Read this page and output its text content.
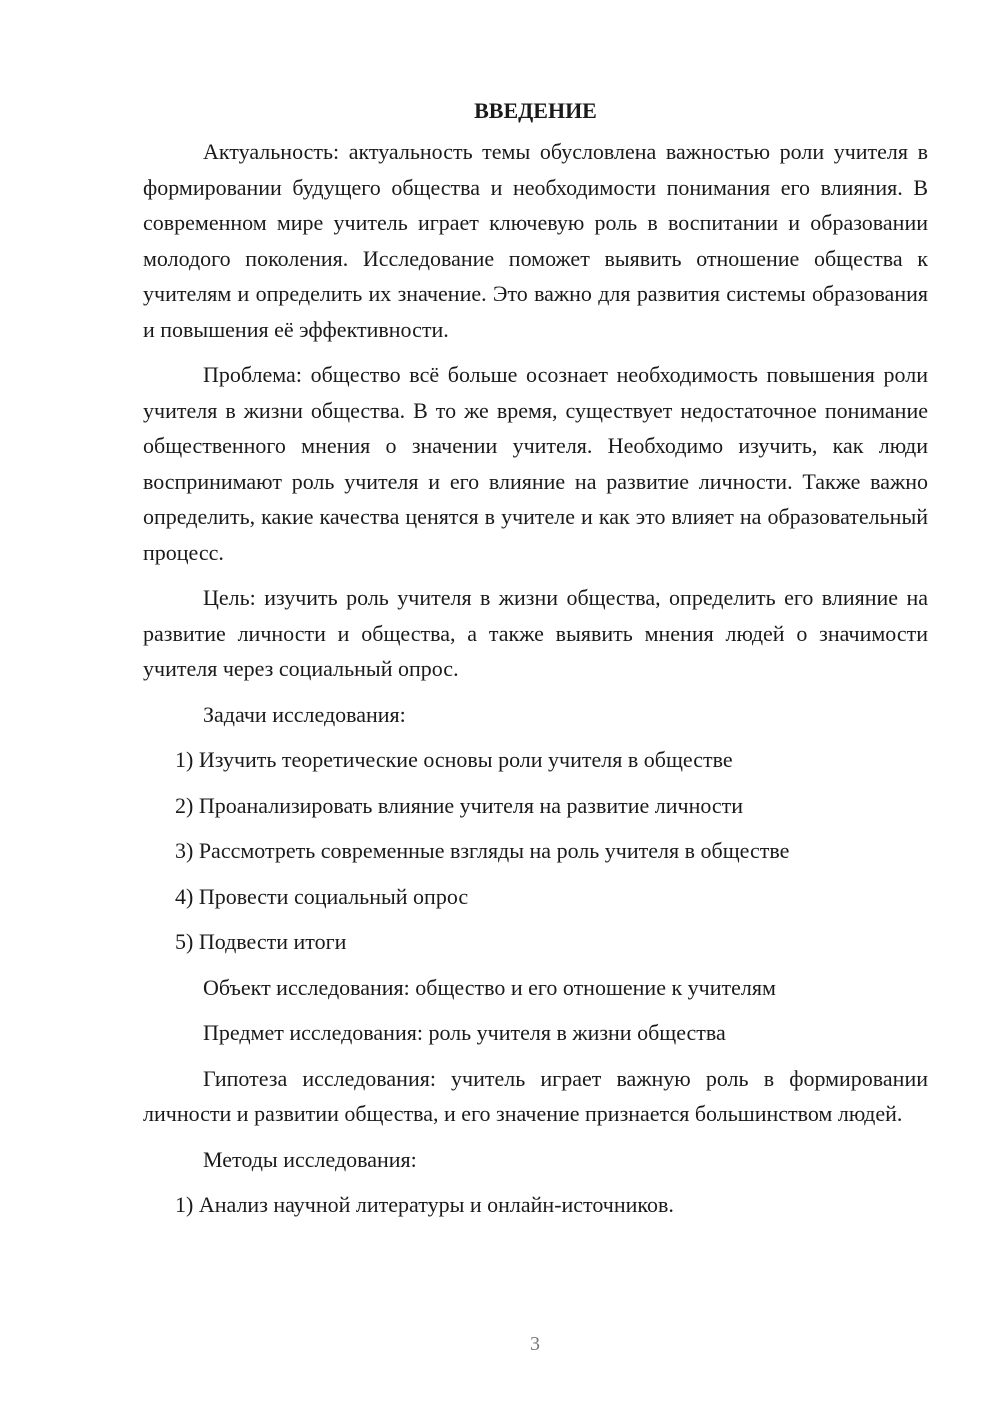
ВВЕДЕНИЕ

Актуальность: актуальность темы обусловлена важностью роли учителя в формировании будущего общества и необходимости понимания его влияния. В современном мире учитель играет ключевую роль в воспитании и образовании молодого поколения. Исследование поможет выявить отношение общества к учителям и определить их значение. Это важно для развития системы образования и повышения её эффективности.

Проблема: общество всё больше осознает необходимость повышения роли учителя в жизни общества. В то же время, существует недостаточное понимание общественного мнения о значении учителя. Необходимо изучить, как люди воспринимают роль учителя и его влияние на развитие личности. Также важно определить, какие качества ценятся в учителе и как это влияет на образовательный процесс.

Цель: изучить роль учителя в жизни общества, определить его влияние на развитие личности и общества, а также выявить мнения людей о значимости учителя через социальный опрос.

Задачи исследования:

1) Изучить теоретические основы роли учителя в обществе
2) Проанализировать влияние учителя на развитие личности
3) Рассмотреть современные взгляды на роль учителя в обществе
4) Провести социальный опрос
5) Подвести итоги

Объект исследования: общество и его отношение к учителям

Предмет исследования: роль учителя в жизни общества

Гипотеза исследования: учитель играет важную роль в формировании личности и развитии общества, и его значение признается большинством людей.

Методы исследования:

1) Анализ научной литературы и онлайн-источников.
3
